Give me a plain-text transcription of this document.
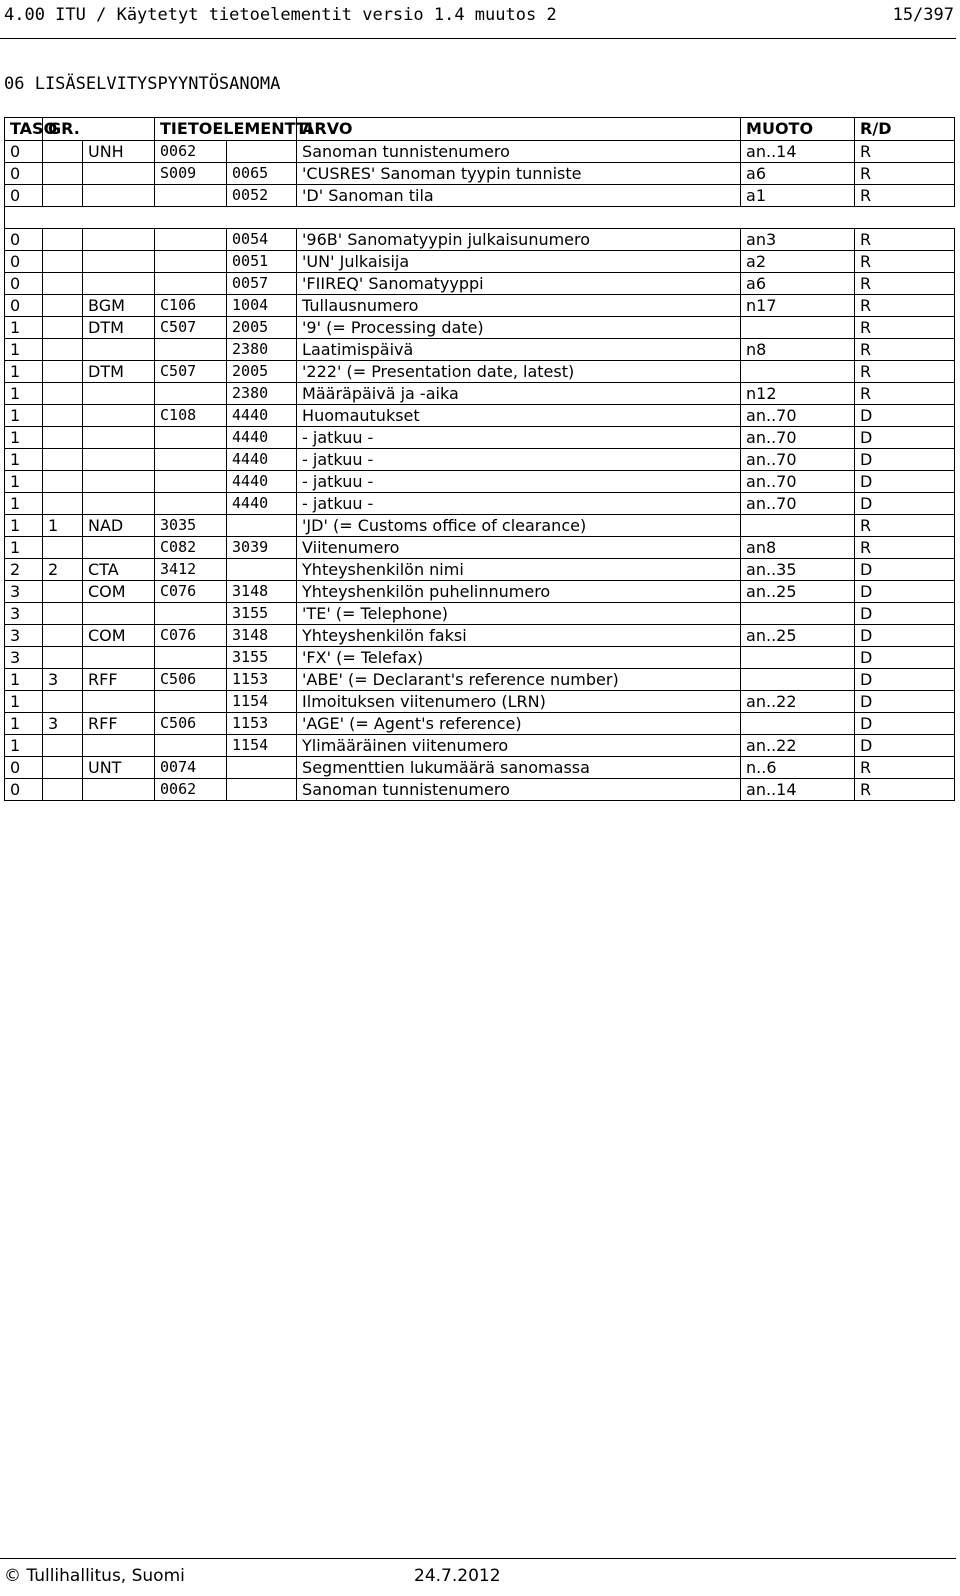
4.00 ITU / Käytetyt tietoelementit versio 1.4 muutos 2	15/397
06 LISÄSELVITYSPYYNTÖSANOMA
TASO	GR.		TIETOELEMENTTI		ARVO	MUOTO	R/D
0		UNH	0062		Sanoman tunnistenumero	an..14	R
0			S009	0065	'CUSRES' Sanoman tyypin tunniste	a6	R
0				0052	'D' Sanoman tila	a1	R

0				0054	'96B' Sanomatyypin julkaisunumero	an3	R
0				0051	'UN' Julkaisija	a2	R
0				0057	'FIIREQ' Sanomatyyppi	a6	R
0		BGM	C106	1004	Tullausnumero	n17	R
1		DTM	C507	2005	'9' (= Processing date)		R
1				2380	Laatimispäivä	n8	R
1		DTM	C507	2005	'222' (= Presentation date, latest)		R
1				2380	Määräpäivä ja -aika	n12	R
1			C108	4440	Huomautukset	an..70	D
1				4440	- jatkuu -	an..70	D
1				4440	- jatkuu -	an..70	D
1				4440	- jatkuu -	an..70	D
1				4440	- jatkuu -	an..70	D
1	1	NAD	3035		'JD' (= Customs office of clearance)		R
1			C082	3039	Viitenumero	an8	R
2	2	CTA	3412		Yhteyshenkilön nimi	an..35	D
3		COM	C076	3148	Yhteyshenkilön puhelinnumero	an..25	D
3				3155	'TE' (= Telephone)		D
3		COM	C076	3148	Yhteyshenkilön faksi	an..25	D
3				3155	'FX' (= Telefax)		D
1	3	RFF	C506	1153	'ABE' (= Declarant's reference number)		D
1				1154	Ilmoituksen viitenumero (LRN)	an..22	D
1	3	RFF	C506	1153	'AGE' (= Agent's reference)		D
1				1154	Ylimääräinen viitenumero	an..22	D
0		UNT	0074		Segmenttien lukumäärä sanomassa	n..6	R
0			0062		Sanoman tunnistenumero	an..14	R
© Tullihallitus, Suomi	24.7.2012
